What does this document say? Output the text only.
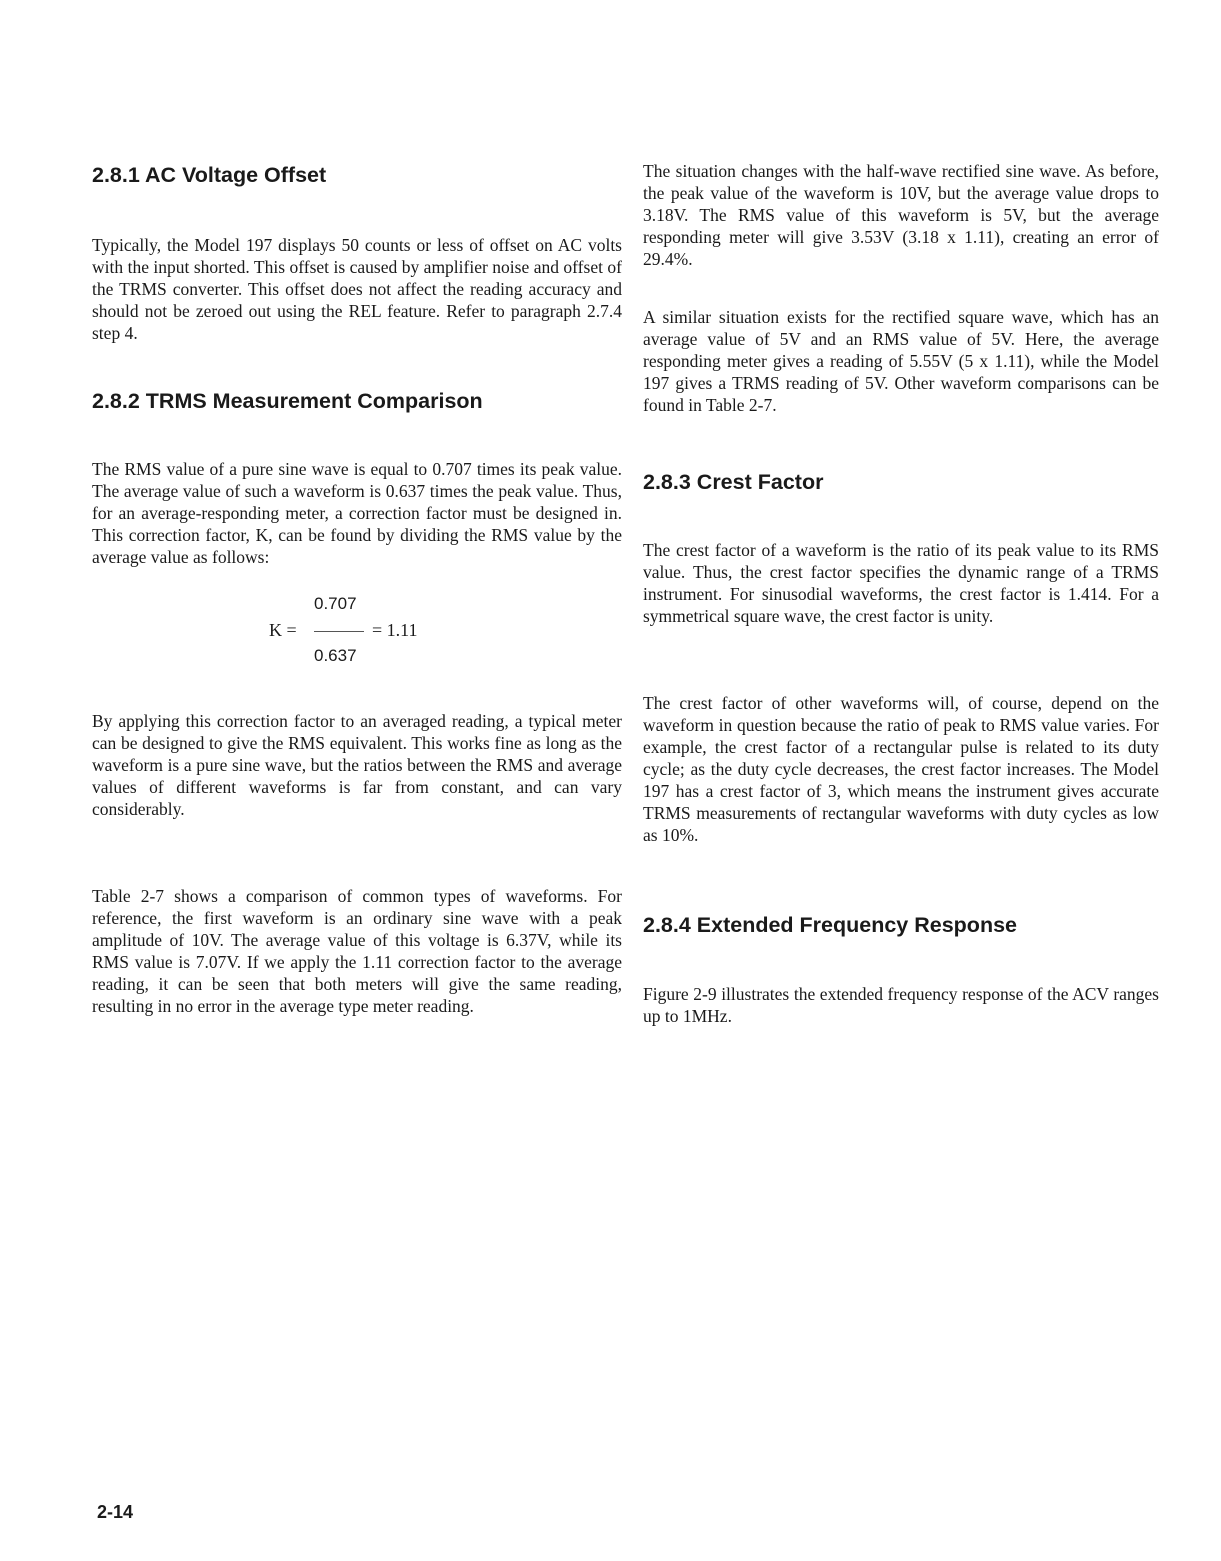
2.8.1 AC Voltage Offset

Typically, the Model 197 displays 50 counts or less of offset on AC volts with the input shorted. This offset is caused by amplifier noise and offset of the TRMS converter. This offset does not affect the reading accuracy and should not be zeroed out using the REL feature. Refer to paragraph 2.7.4 step 4.

2.8.2 TRMS Measurement Comparison

The RMS value of a pure sine wave is equal to 0.707 times its peak value. The average value of such a waveform is 0.637 times the peak value. Thus, for an average-responding meter, a correction factor must be designed in. This correction factor, K, can be found by dividing the RMS value by the average value as follows:

0.707
K =	= 1.11
0.637

By applying this correction factor to an averaged reading, a typical meter can be designed to give the RMS equivalent. This works fine as long as the waveform is a pure sine wave, but the ratios between the RMS and average values of different waveforms is far from constant, and can vary considerably.

Table 2-7 shows a comparison of common types of waveforms. For reference, the first waveform is an ordinary sine wave with a peak amplitude of 10V. The average value of this voltage is 6.37V, while its RMS value is 7.07V. If we apply the 1.11 correction factor to the average reading, it can be seen that both meters will give the same reading, resulting in no error in the average type meter reading.

The situation changes with the half-wave rectified sine wave. As before, the peak value of the waveform is 10V, but the average value drops to 3.18V. The RMS value of this waveform is 5V, but the average responding meter will give 3.53V (3.18 x 1.11), creating an error of 29.4%.

A similar situation exists for the rectified square wave, which has an average value of 5V and an RMS value of 5V. Here, the average responding meter gives a reading of 5.55V (5 x 1.11), while the Model 197 gives a TRMS reading of 5V. Other waveform comparisons can be found in Table 2-7.

2.8.3 Crest Factor

The crest factor of a waveform is the ratio of its peak value to its RMS value. Thus, the crest factor specifies the dynamic range of a TRMS instrument. For sinusodial waveforms, the crest factor is 1.414. For a symmetrical square wave, the crest factor is unity.

The crest factor of other waveforms will, of course, depend on the waveform in question because the ratio of peak to RMS value varies. For example, the crest factor of a rectangular pulse is related to its duty cycle; as the duty cycle decreases, the crest factor increases. The Model 197 has a crest factor of 3, which means the instrument gives accurate TRMS measurements of rectangular waveforms with duty cycles as low as 10%.

2.8.4 Extended Frequency Response

Figure 2-9 illustrates the extended frequency response of the ACV ranges up to 1MHz.

2-14
